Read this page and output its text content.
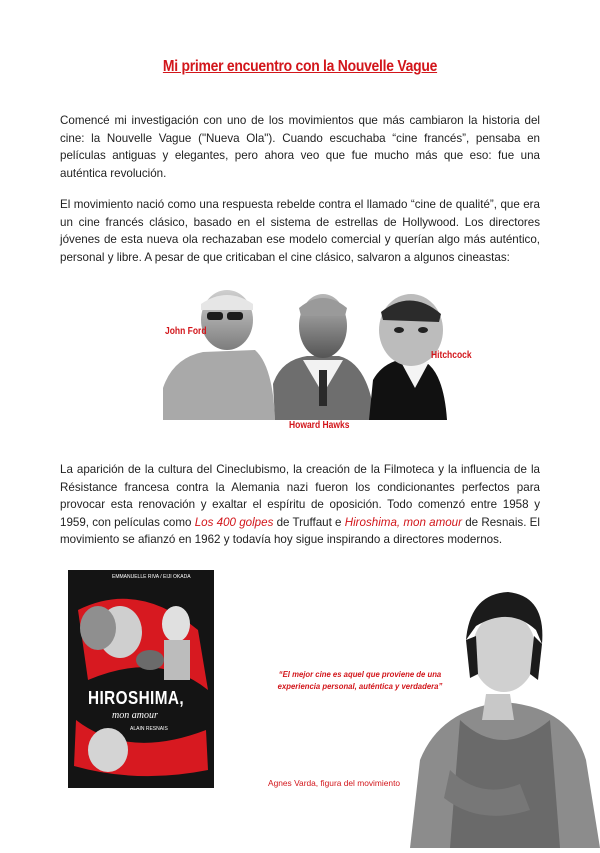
Mi primer encuentro con la Nouvelle Vague

Comencé mi investigación con uno de los movimientos que más cambiaron la historia del cine: la Nouvelle Vague ("Nueva Ola"). Cuando escuchaba “cine francés”, pensaba en películas antiguas y elegantes, pero ahora veo que fue mucho más que eso: fue una auténtica revolución.

El movimiento nació como una respuesta rebelde contra el llamado “cine de qualité”, que era un cine francés clásico, basado en el sistema de estrellas de Hollywood. Los directores jóvenes de esta nueva ola rechazaban ese modelo comercial y querían algo más auténtico, personal y libre. A pesar de que criticaban el cine clásico, salvaron a algunos cineastas:

John Ford
Howard Hawks
Hitchcock

La aparición de la cultura del Cineclubismo, la creación de la Filmoteca y la influencia de la Résistance francesa contra la Alemania nazi fueron los condicionantes perfectos para provocar esta renovación y exaltar el espíritu de oposición. Todo comenzó entre 1958 y 1959, con películas como Los 400 golpes de Truffaut e Hiroshima, mon amour de Resnais. El movimiento se afianzó en 1962 y todavía hoy sigue inspirando a directores modernos.

EMMANUELLE RIVA / EIJI OKADA
HIROSHIMA,
mon amour
ALAIN RESNAIS
“El mejor cine es aquel que proviene de una experiencia personal, auténtica y verdadera”
Agnes Varda, figura del movimiento
